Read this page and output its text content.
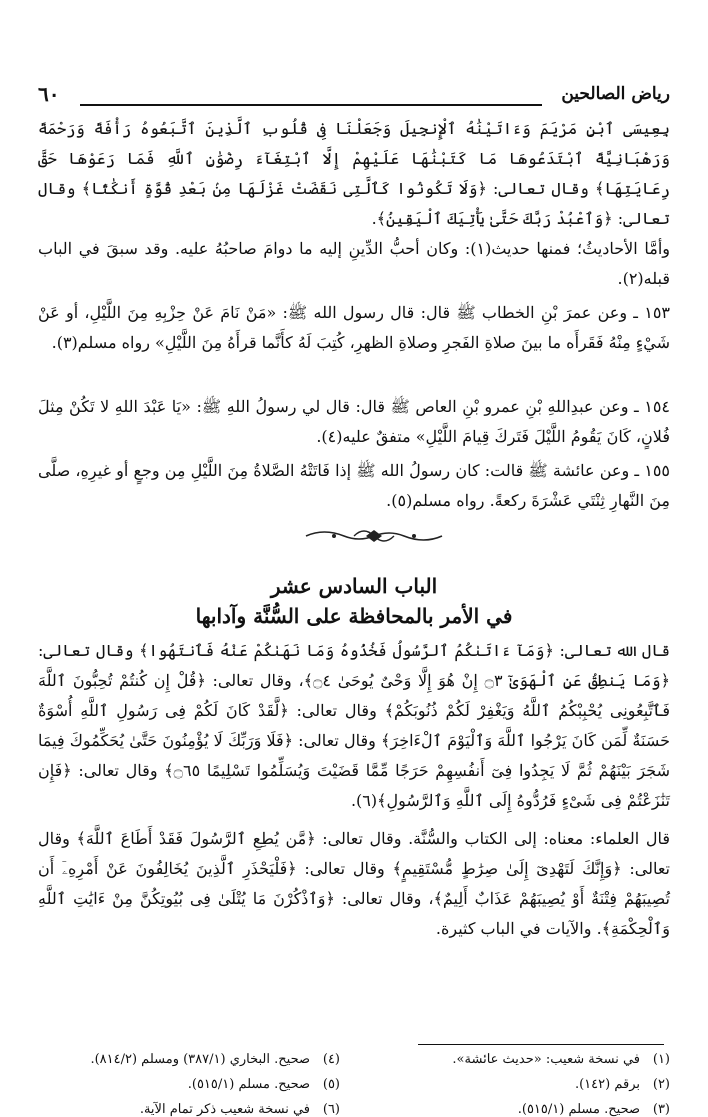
رياض الصالحين
٦٠

بِعِيسَى ٱبْنِ مَرْيَمَ وَءَاتَيْنَٰهُ ٱلْإِنجِيلَ وَجَعَلْنَا فِى قُلُوبِ ٱلَّذِينَ ٱتَّبَعُوهُ رَأْفَةً وَرَحْمَةً وَرَهْبَانِيَّةً ٱبْتَدَعُوهَا مَا كَتَبْنَٰهَا عَلَيْهِمْ إِلَّا ٱبْتِغَآءَ رِضْوَٰنِ ٱللَّهِ فَمَا رَعَوْهَا حَقَّ رِعَايَتِهَا﴾ وقال تعالى: ﴿وَلَا تَكُونُوا كَٱلَّتِى نَقَضَتْ غَزْلَهَا مِنۢ بَعْدِ قُوَّةٍ أَنكَٰثًا﴾ وقال تعالى: ﴿وَٱعْبُدْ رَبَّكَ حَتَّىٰ يَأْتِيَكَ ٱلْيَقِينُ﴾.

وأمَّا الأحاديثُ؛ فمنها حديث(١): وكان أحبُّ الدِّينِ إليه ما دوامَ صاحبُهُ عليه. وقد سبقَ في الباب قبله(٢).

١٥٣ ـ وعن عمرَ بْنِ الخطاب ﷺ قال: قال رسول الله ﷺ: «مَنْ نَامَ عَنْ حِزْبِهِ مِنَ اللَّيْلِ، أو عَنْ شَيْءٍ مِنْهُ فَقَرأَه ما بينَ صلاةِ الفَجرِ وصلاةِ الظهرِ، كُتِبَ لَهُ كأَنَّما قرأَهُ مِنَ اللَّيْلِ» رواه مسلم(٣).

١٥٤ ـ وعن عبدِاللهِ بْنِ عمرو بْنِ العاص ﷺ قال: قال لي رسولُ اللهِ ﷺ: «يَا عَبْدَ اللهِ لا تَكُنْ مِثلَ فُلانٍ، كَانَ يَقُومُ اللَّيْلَ فَتَركَ قِيامَ اللَّيْلِ» متفقٌ عليه(٤).

١٥٥ ـ وعن عائشة ﷺ قالت: كان رسولُ الله ﷺ إذا فَاتَتْهُ الصَّلاةُ مِنَ اللَّيْلِ مِن وجعٍ أو غيرِهِ، صلَّى مِنَ النَّهارِ ثِنْتَي عَشْرَةَ ركعةً. رواه مسلم(٥).

الباب السادس عشر
في الأمر بالمحافظة على السُّنَّة وآدابها

قال الله تعالى: ﴿وَمَآ ءَاتَىٰكُمُ ٱلرَّسُولُ فَخُذُوهُ وَمَا نَهَىٰكُمْ عَنْهُ فَٱنتَهُوا﴾ وقال تعالى: ﴿وَمَا يَنطِقُ عَنِ ٱلْهَوَىٰٓ ۝٣ إِنْ هُوَ إِلَّا وَحْىٌ يُوحَىٰ ۝٤﴾، وقال تعالى: ﴿قُلْ إِن كُنتُمْ تُحِبُّونَ ٱللَّهَ فَٱتَّبِعُونِى يُحْبِبْكُمُ ٱللَّهُ وَيَغْفِرْ لَكُمْ ذُنُوبَكُمْ﴾ وقال تعالى: ﴿لَّقَدْ كَانَ لَكُمْ فِى رَسُولِ ٱللَّهِ أُسْوَةٌ حَسَنَةٌ لِّمَن كَانَ يَرْجُوا ٱللَّهَ وَٱلْيَوْمَ ٱلْءَاخِرَ﴾ وقال تعالى: ﴿فَلَا وَرَبِّكَ لَا يُؤْمِنُونَ حَتَّىٰ يُحَكِّمُوكَ فِيمَا شَجَرَ بَيْنَهُمْ ثُمَّ لَا يَجِدُوا فِىٓ أَنفُسِهِمْ حَرَجًا مِّمَّا قَضَيْتَ وَيُسَلِّمُوا تَسْلِيمًا ۝٦٥﴾ وقال تعالى: ﴿فَإِن تَنَٰزَعْتُمْ فِى شَىْءٍ فَرُدُّوهُ إِلَى ٱللَّهِ وَٱلرَّسُولِ﴾(٦).

قال العلماء: معناه: إلى الكتاب والسُّنَّة. وقال تعالى: ﴿مَّن يُطِعِ ٱلرَّسُولَ فَقَدْ أَطَاعَ ٱللَّهَ﴾ وقال تعالى: ﴿وَإِنَّكَ لَتَهْدِىٓ إِلَىٰ صِرَٰطٍ مُّسْتَقِيمٍ﴾ وقال تعالى: ﴿فَلْيَحْذَرِ ٱلَّذِينَ يُخَالِفُونَ عَنْ أَمْرِهِۦٓ أَن تُصِيبَهُمْ فِتْنَةٌ أَوْ يُصِيبَهُمْ عَذَابٌ أَلِيمٌ﴾، وقال تعالى: ﴿وَٱذْكُرْنَ مَا يُتْلَىٰ فِى بُيُوتِكُنَّ مِنْ ءَايَٰتِ ٱللَّهِ وَٱلْحِكْمَةِ﴾. والآيات في الباب كثيرة.

(١)في نسخة شعيب: «حديث عائشة».
(٢)برقم (١٤٢).
(٣)صحيح. مسلم (٥١٥/١).
(٤)صحيح. البخاري (٣٨٧/١) ومسلم (٨١٤/٢).
(٥)صحيح. مسلم (٥١٥/١).
(٦)في نسخة شعيب ذكر تمام الآية.
